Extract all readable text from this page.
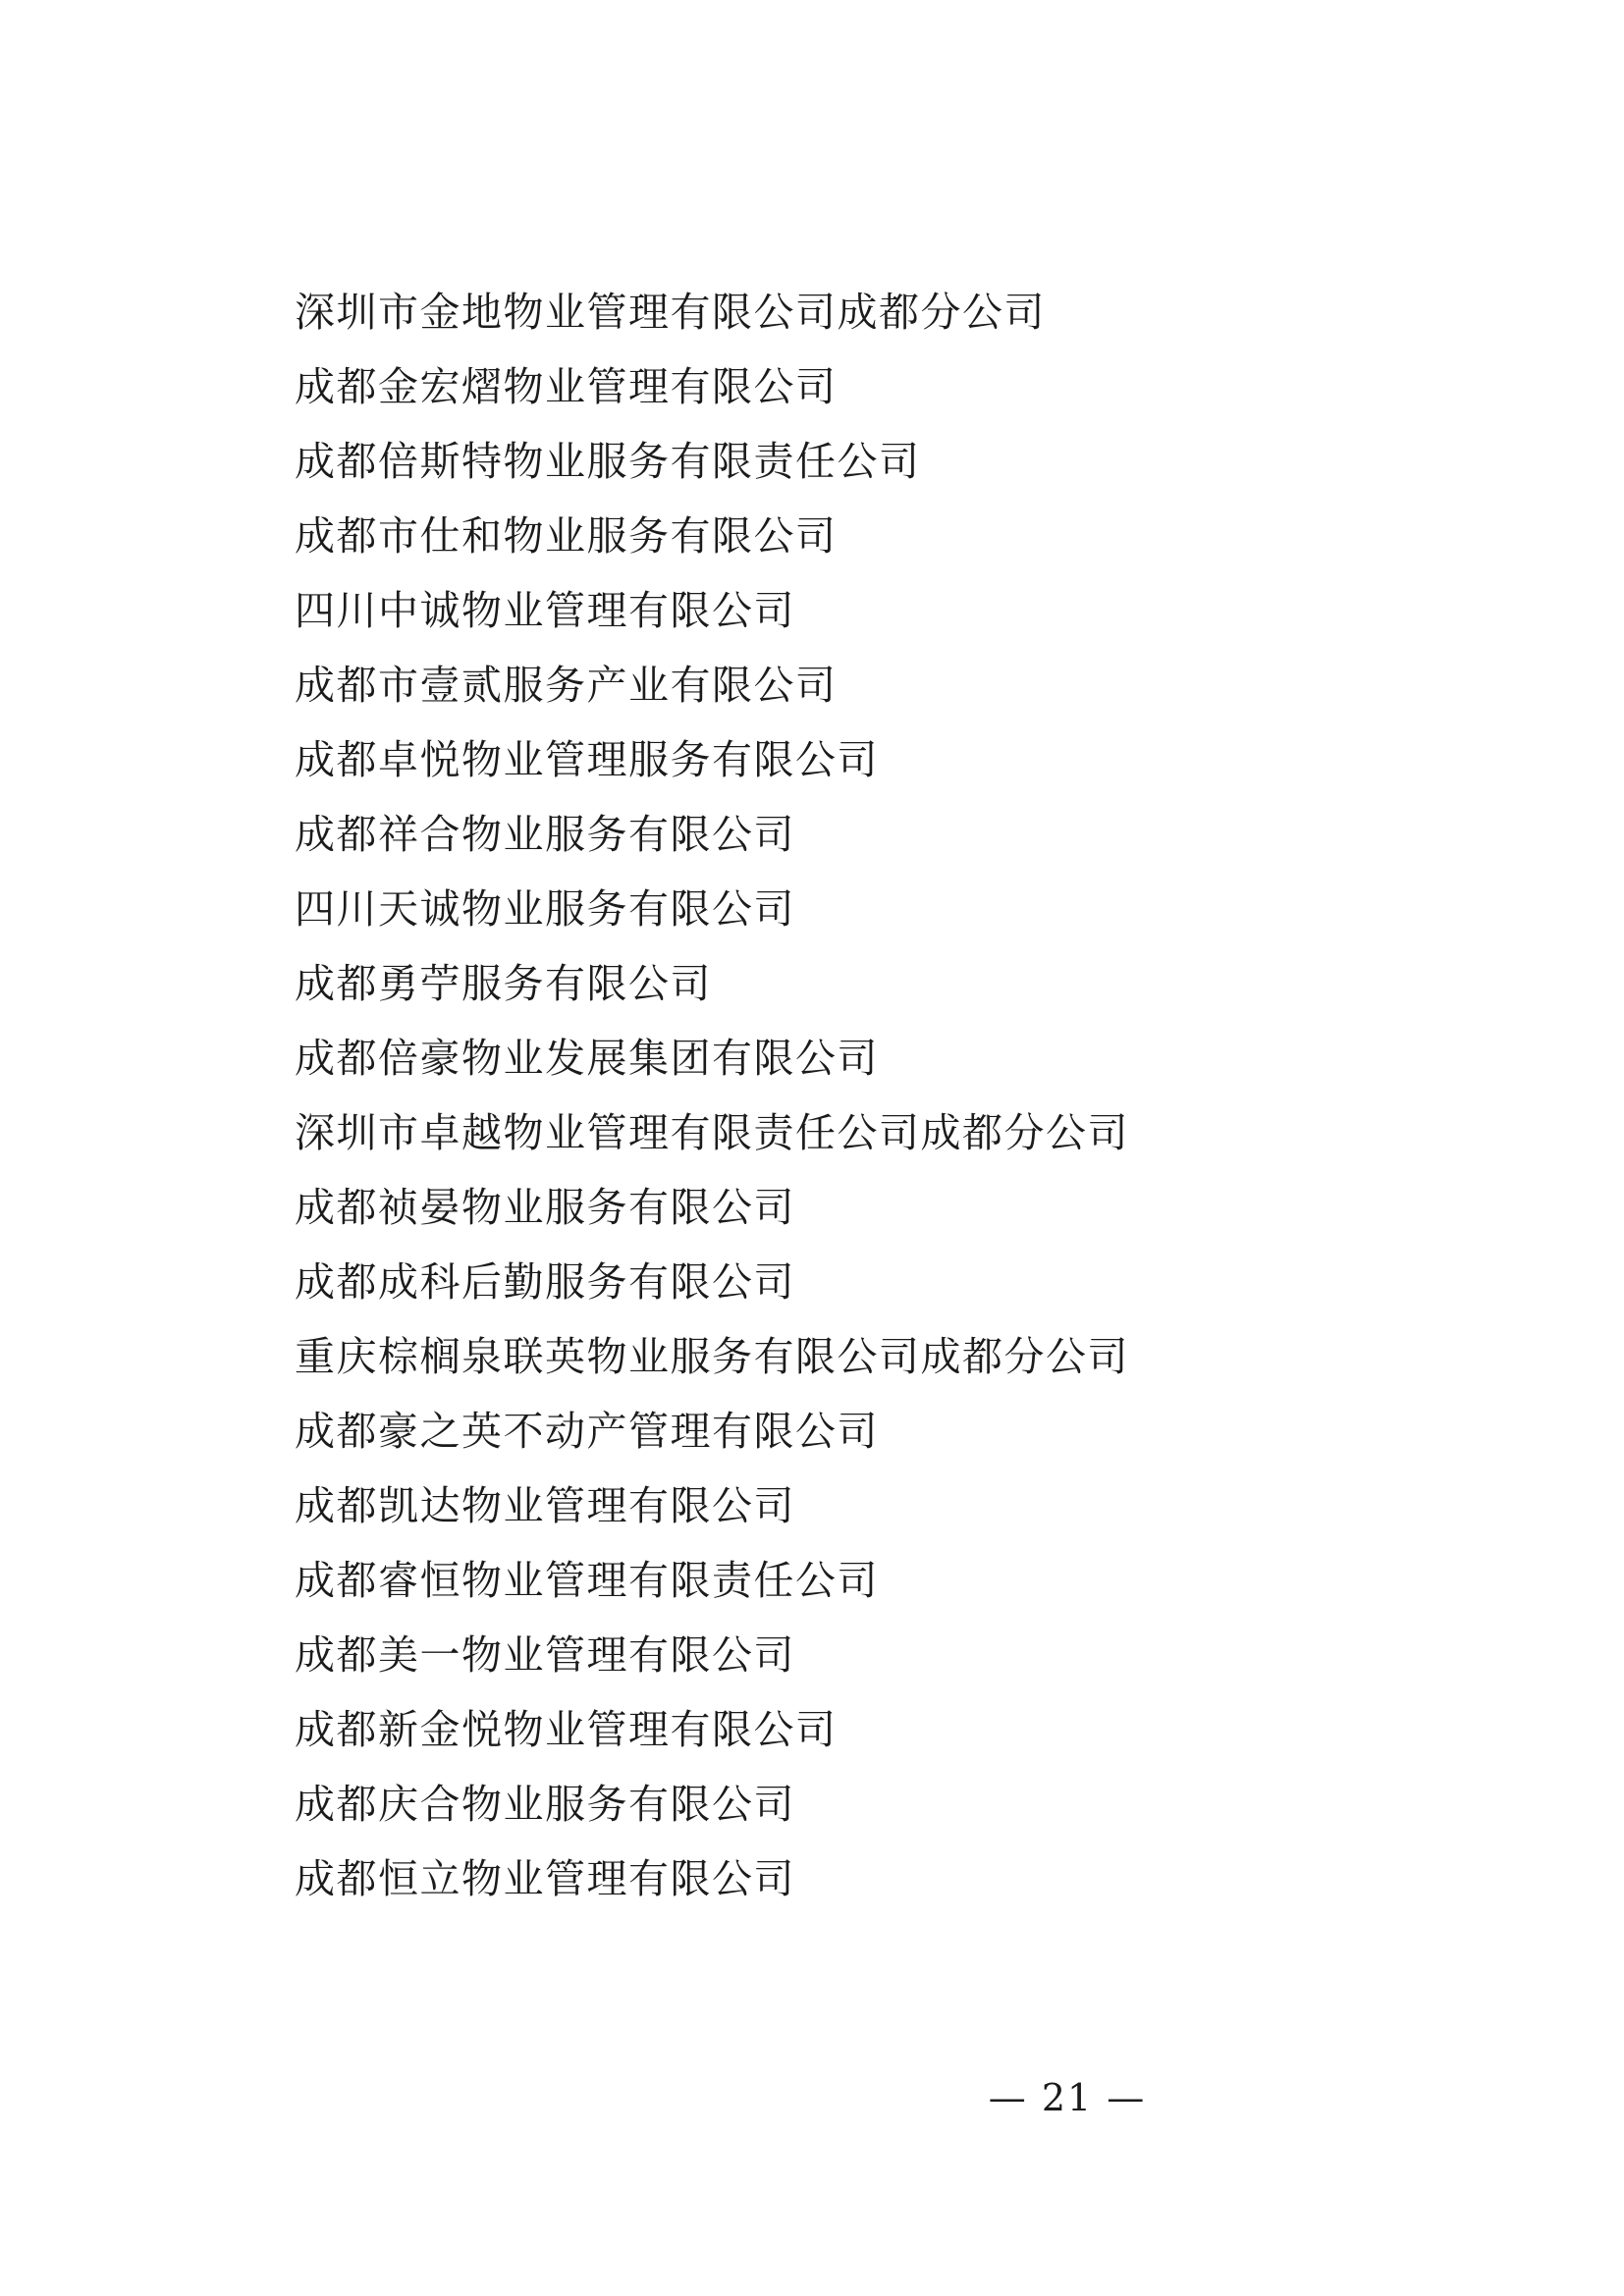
深圳市金地物业管理有限公司成都分公司
成都金宏熠物业管理有限公司
成都倍斯特物业服务有限责任公司
成都市仕和物业服务有限公司
四川中诚物业管理有限公司
成都市壹贰服务产业有限公司
成都卓悦物业管理服务有限公司
成都祥合物业服务有限公司
四川天诚物业服务有限公司
成都勇苧服务有限公司
成都倍豪物业发展集团有限公司
深圳市卓越物业管理有限责任公司成都分公司
成都祯晏物业服务有限公司
成都成科后勤服务有限公司
重庆棕榈泉联英物业服务有限公司成都分公司
成都豪之英不动产管理有限公司
成都凯达物业管理有限公司
成都睿恒物业管理有限责任公司
成都美一物业管理有限公司
成都新金悦物业管理有限公司
成都庆合物业服务有限公司
成都恒立物业管理有限公司
— 21 —
